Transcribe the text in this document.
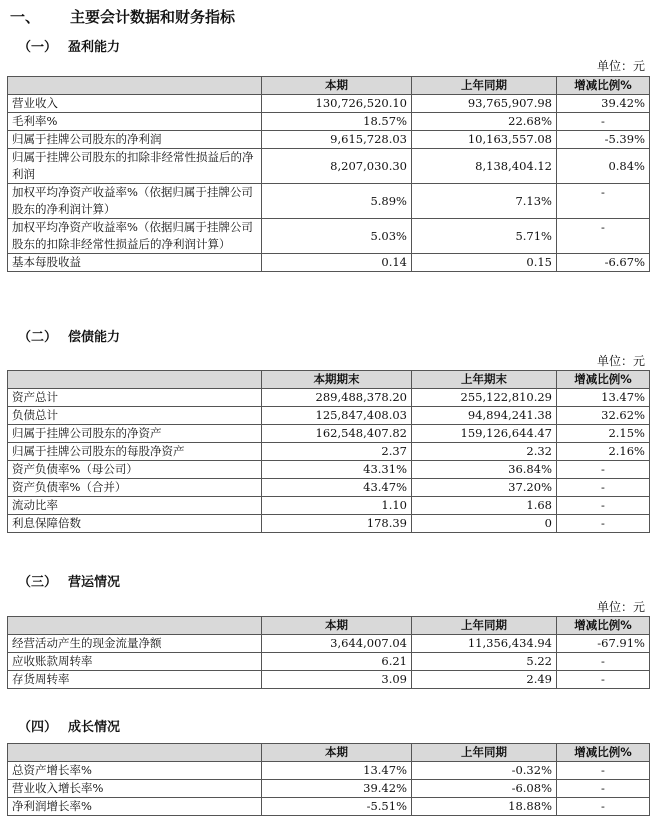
一、 主要会计数据和财务指标
（一） 盈利能力
单位：元
	本期	上年同期	增减比例%
营业收入	130,726,520.10	93,765,907.98	39.42%
毛利率%	18.57%	22.68%	-
归属于挂牌公司股东的净利润	9,615,728.03	10,163,557.08	-5.39%
归属于挂牌公司股东的扣除非经常性损益后的净利润	8,207,030.30	8,138,404.12	0.84%
加权平均净资产收益率%（依据归属于挂牌公司股东的净利润计算）	5.89%	7.13%	-
加权平均净资产收益率%（依据归属于挂牌公司股东的扣除非经常性损益后的净利润计算）	5.03%	5.71%	-
基本每股收益	0.14	0.15	-6.67%
（二） 偿债能力
单位：元
	本期期末	上年期末	增减比例%
资产总计	289,488,378.20	255,122,810.29	13.47%
负债总计	125,847,408.03	94,894,241.38	32.62%
归属于挂牌公司股东的净资产	162,548,407.82	159,126,644.47	2.15%
归属于挂牌公司股东的每股净资产	2.37	2.32	2.16%
资产负债率%（母公司）	43.31%	36.84%	-
资产负债率%（合并）	43.47%	37.20%	-
流动比率	1.10	1.68	-
利息保障倍数	178.39	0	-
（三） 营运情况
单位：元
	本期	上年同期	增减比例%
经营活动产生的现金流量净额	3,644,007.04	11,356,434.94	-67.91%
应收账款周转率	6.21	5.22	-
存货周转率	3.09	2.49	-
（四） 成长情况
	本期	上年同期	增减比例%
总资产增长率%	13.47%	-0.32%	-
营业收入增长率%	39.42%	-6.08%	-
净利润增长率%	-5.51%	18.88%	-
